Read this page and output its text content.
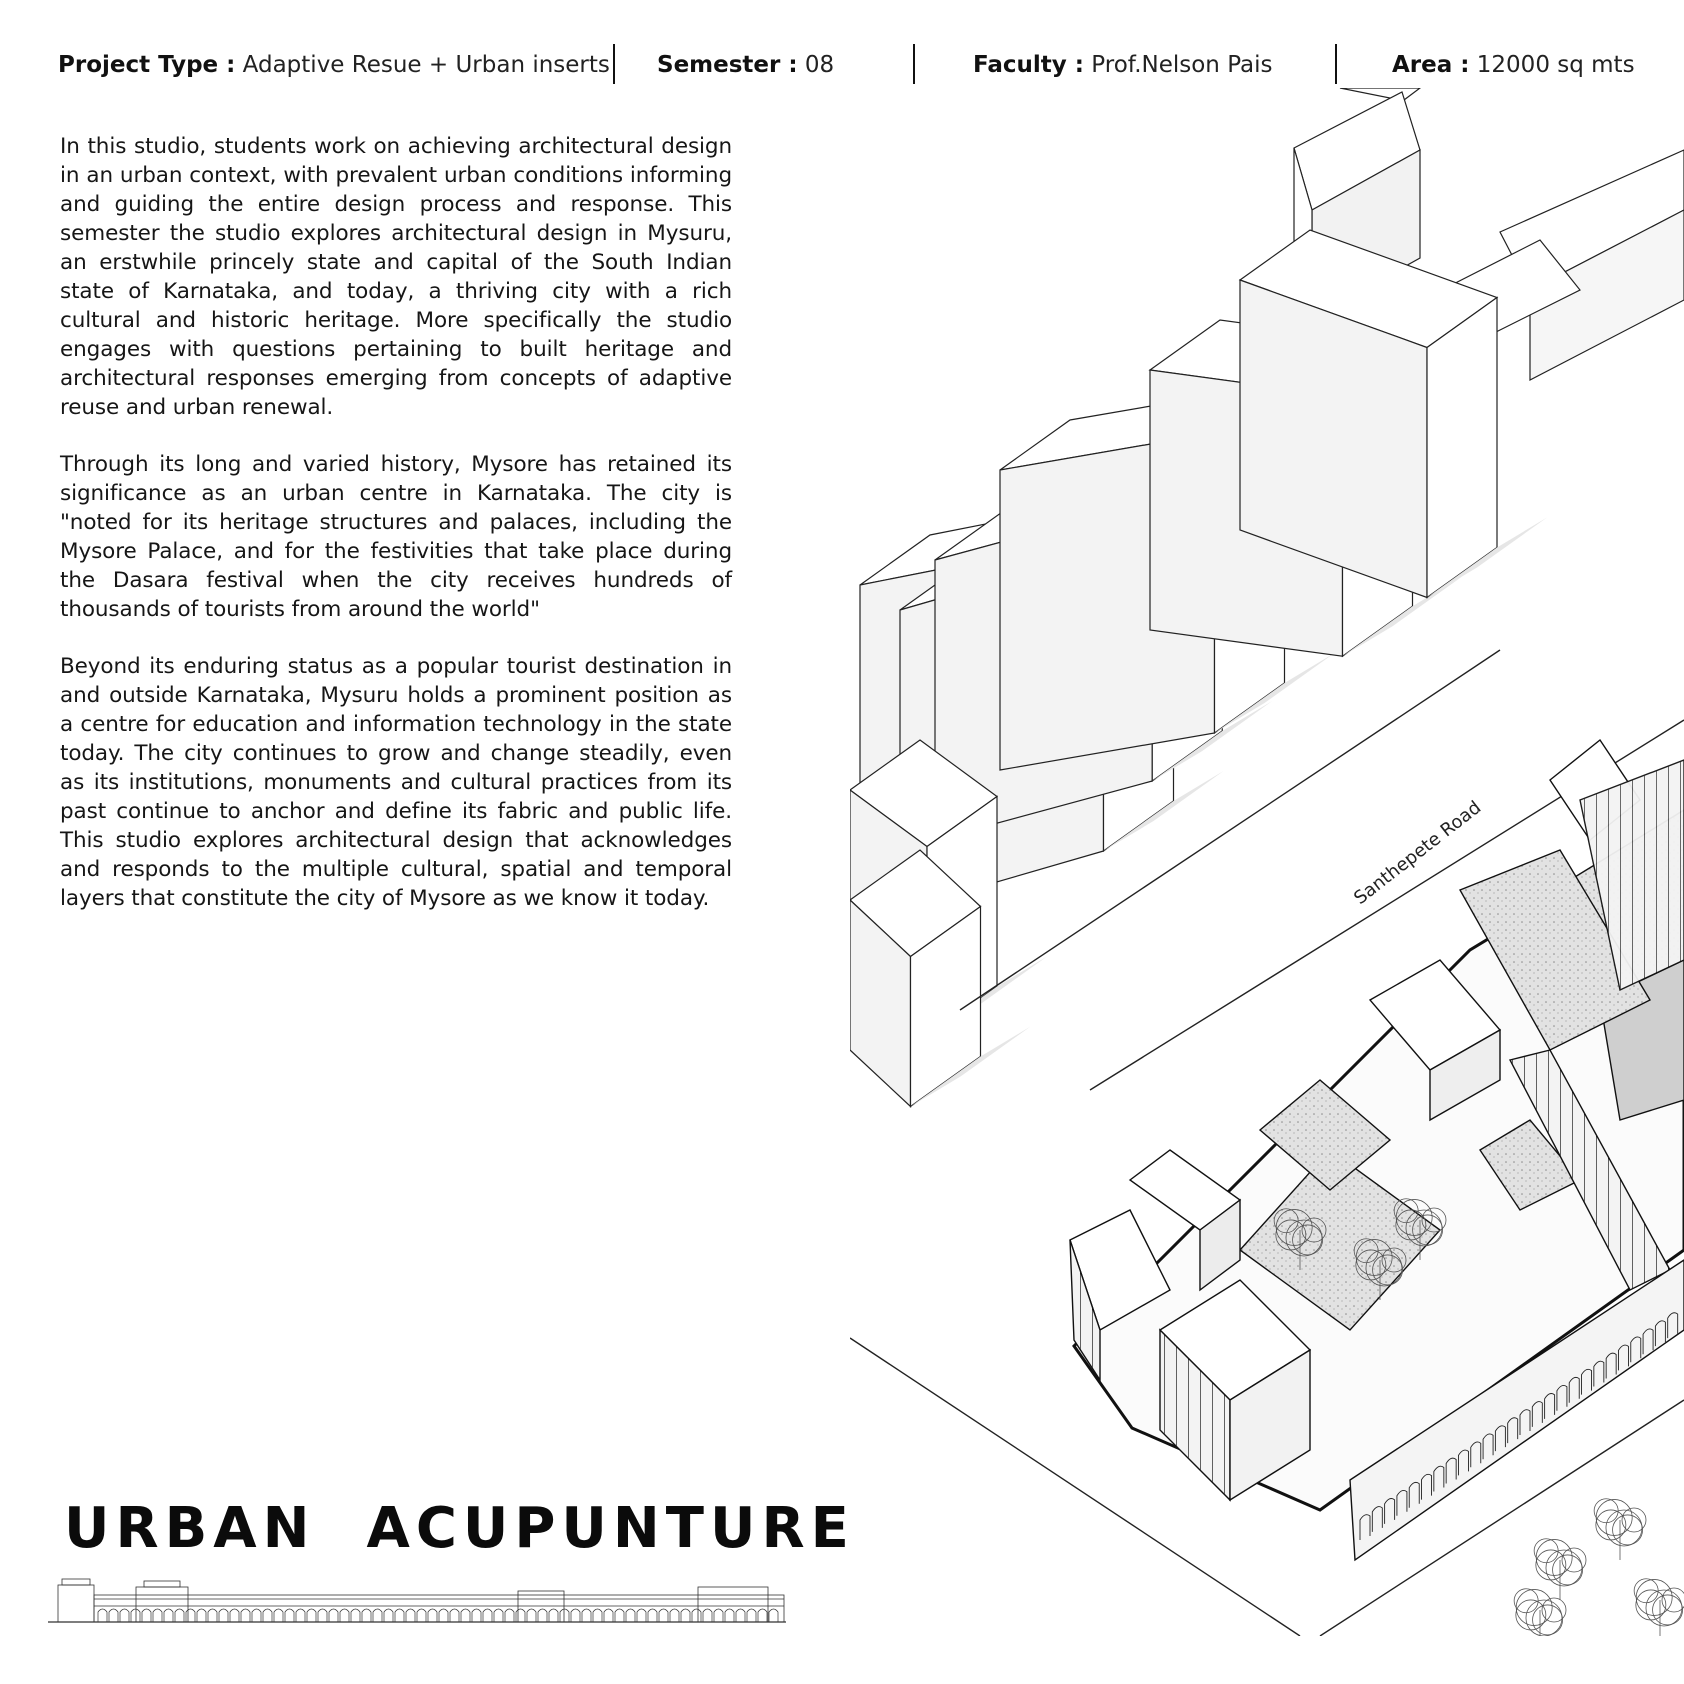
Project Type : Adaptive Resue + Urban inserts Semester : 08	Faculty : Prof.Nelson Pais	Area : 12000 sq mts

In this studio, students work on achieving architectural design in an urban context, with prevalent urban conditions informing and guiding the entire design process and response. This semester the studio explores architectural design in Mysuru, an erstwhile princely state and capital of the South Indian state of Karnataka, and today, a thriving city with a rich cultural and historic heritage. More specifically the studio engages with questions pertaining to built heritage and architectural responses emerging from concepts of adaptive reuse and urban renewal.

Through its long and varied history, Mysore has retained its significance as an urban centre in Karnataka. The city is "noted for its heritage structures and palaces, including the Mysore Palace, and for the festivities that take place during the Dasara festival when the city receives hundreds of thousands of tourists from around the world"

Beyond its enduring status as a popular tourist destination in and outside Karnataka, Mysuru holds a prominent position as a centre for education and information technology in the state today. The city continues to grow and change steadily, even as its institutions, monuments and cultural practices from its past continue to anchor and define its fabric and public life. This studio explores architectural design that acknowledges and responds to the multiple cultural, spatial and temporal layers that constitute the city of Mysore as we know it today.

URBAN  ACUPUNTURE
Santhepete Road
